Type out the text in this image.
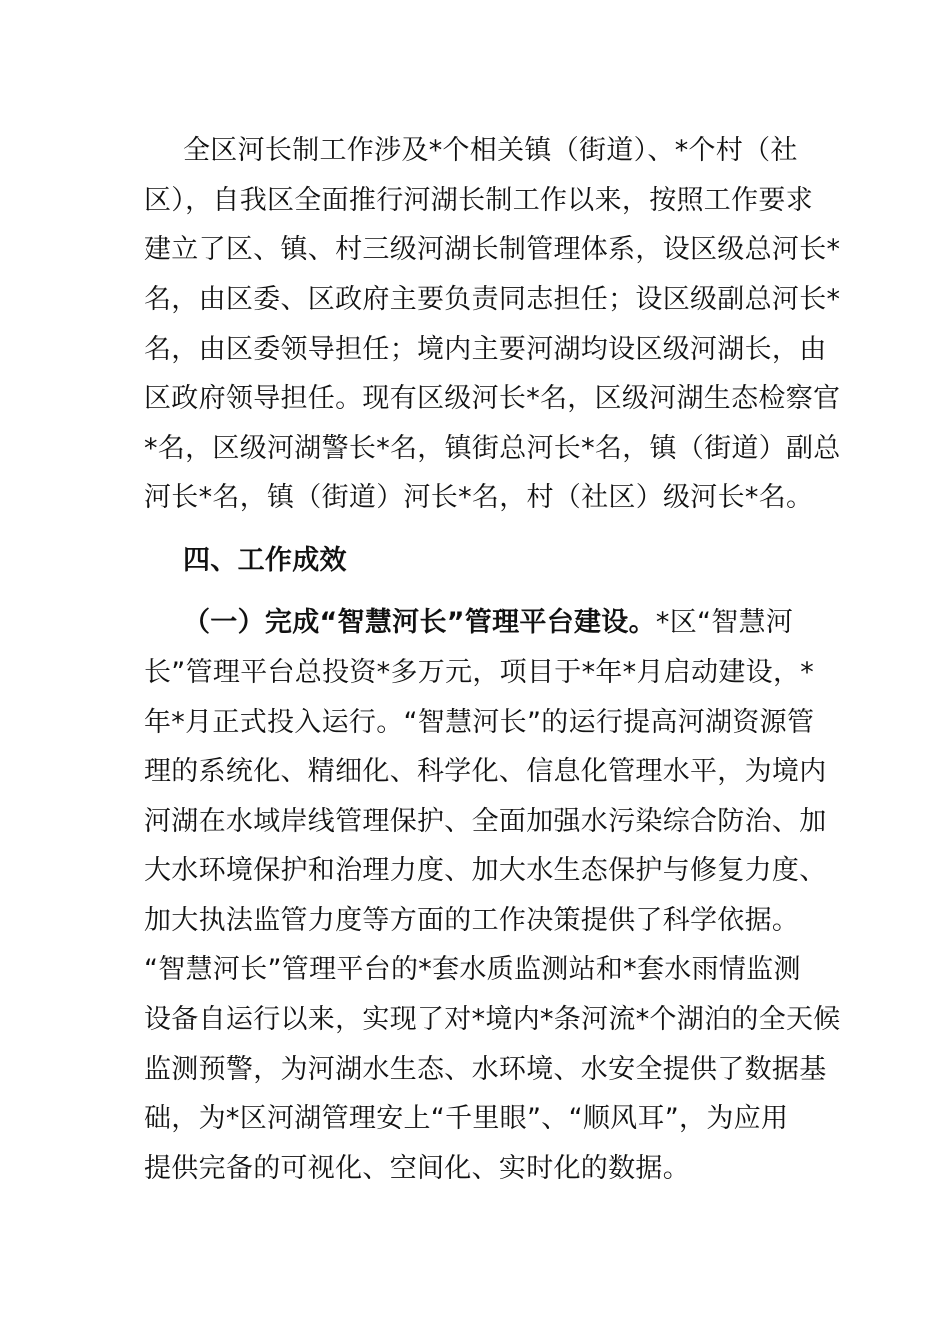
全区河长制工作涉及*个相关镇（街道）、*个村（社
区），自我区全面推行河湖长制工作以来，按照工作要求
建立了区、镇、村三级河湖长制管理体系，设区级总河长*
名，由区委、区政府主要负责同志担任；设区级副总河长*
名，由区委领导担任；境内主要河湖均设区级河湖长，由
区政府领导担任。现有区级河长*名，区级河湖生态检察官
*名，区级河湖警长*名，镇街总河长*名，镇（街道）副总
河长*名，镇（街道）河长*名，村（社区）级河长*名。
四、工作成效
（一）完成“智慧河长”管理平台建设。*区“智慧河
长”管理平台总投资*多万元，项目于*年*月启动建设，*
年*月正式投入运行。“智慧河长”的运行提高河湖资源管
理的系统化、精细化、科学化、信息化管理水平，为境内
河湖在水域岸线管理保护、全面加强水污染综合防治、加
大水环境保护和治理力度、加大水生态保护与修复力度、
加大执法监管力度等方面的工作决策提供了科学依据。
“智慧河长”管理平台的*套水质监测站和*套水雨情监测
设备自运行以来，实现了对*境内*条河流*个湖泊的全天候
监测预警，为河湖水生态、水环境、水安全提供了数据基
础，为*区河湖管理安上“千里眼”、“顺风耳”，为应用
提供完备的可视化、空间化、实时化的数据。
